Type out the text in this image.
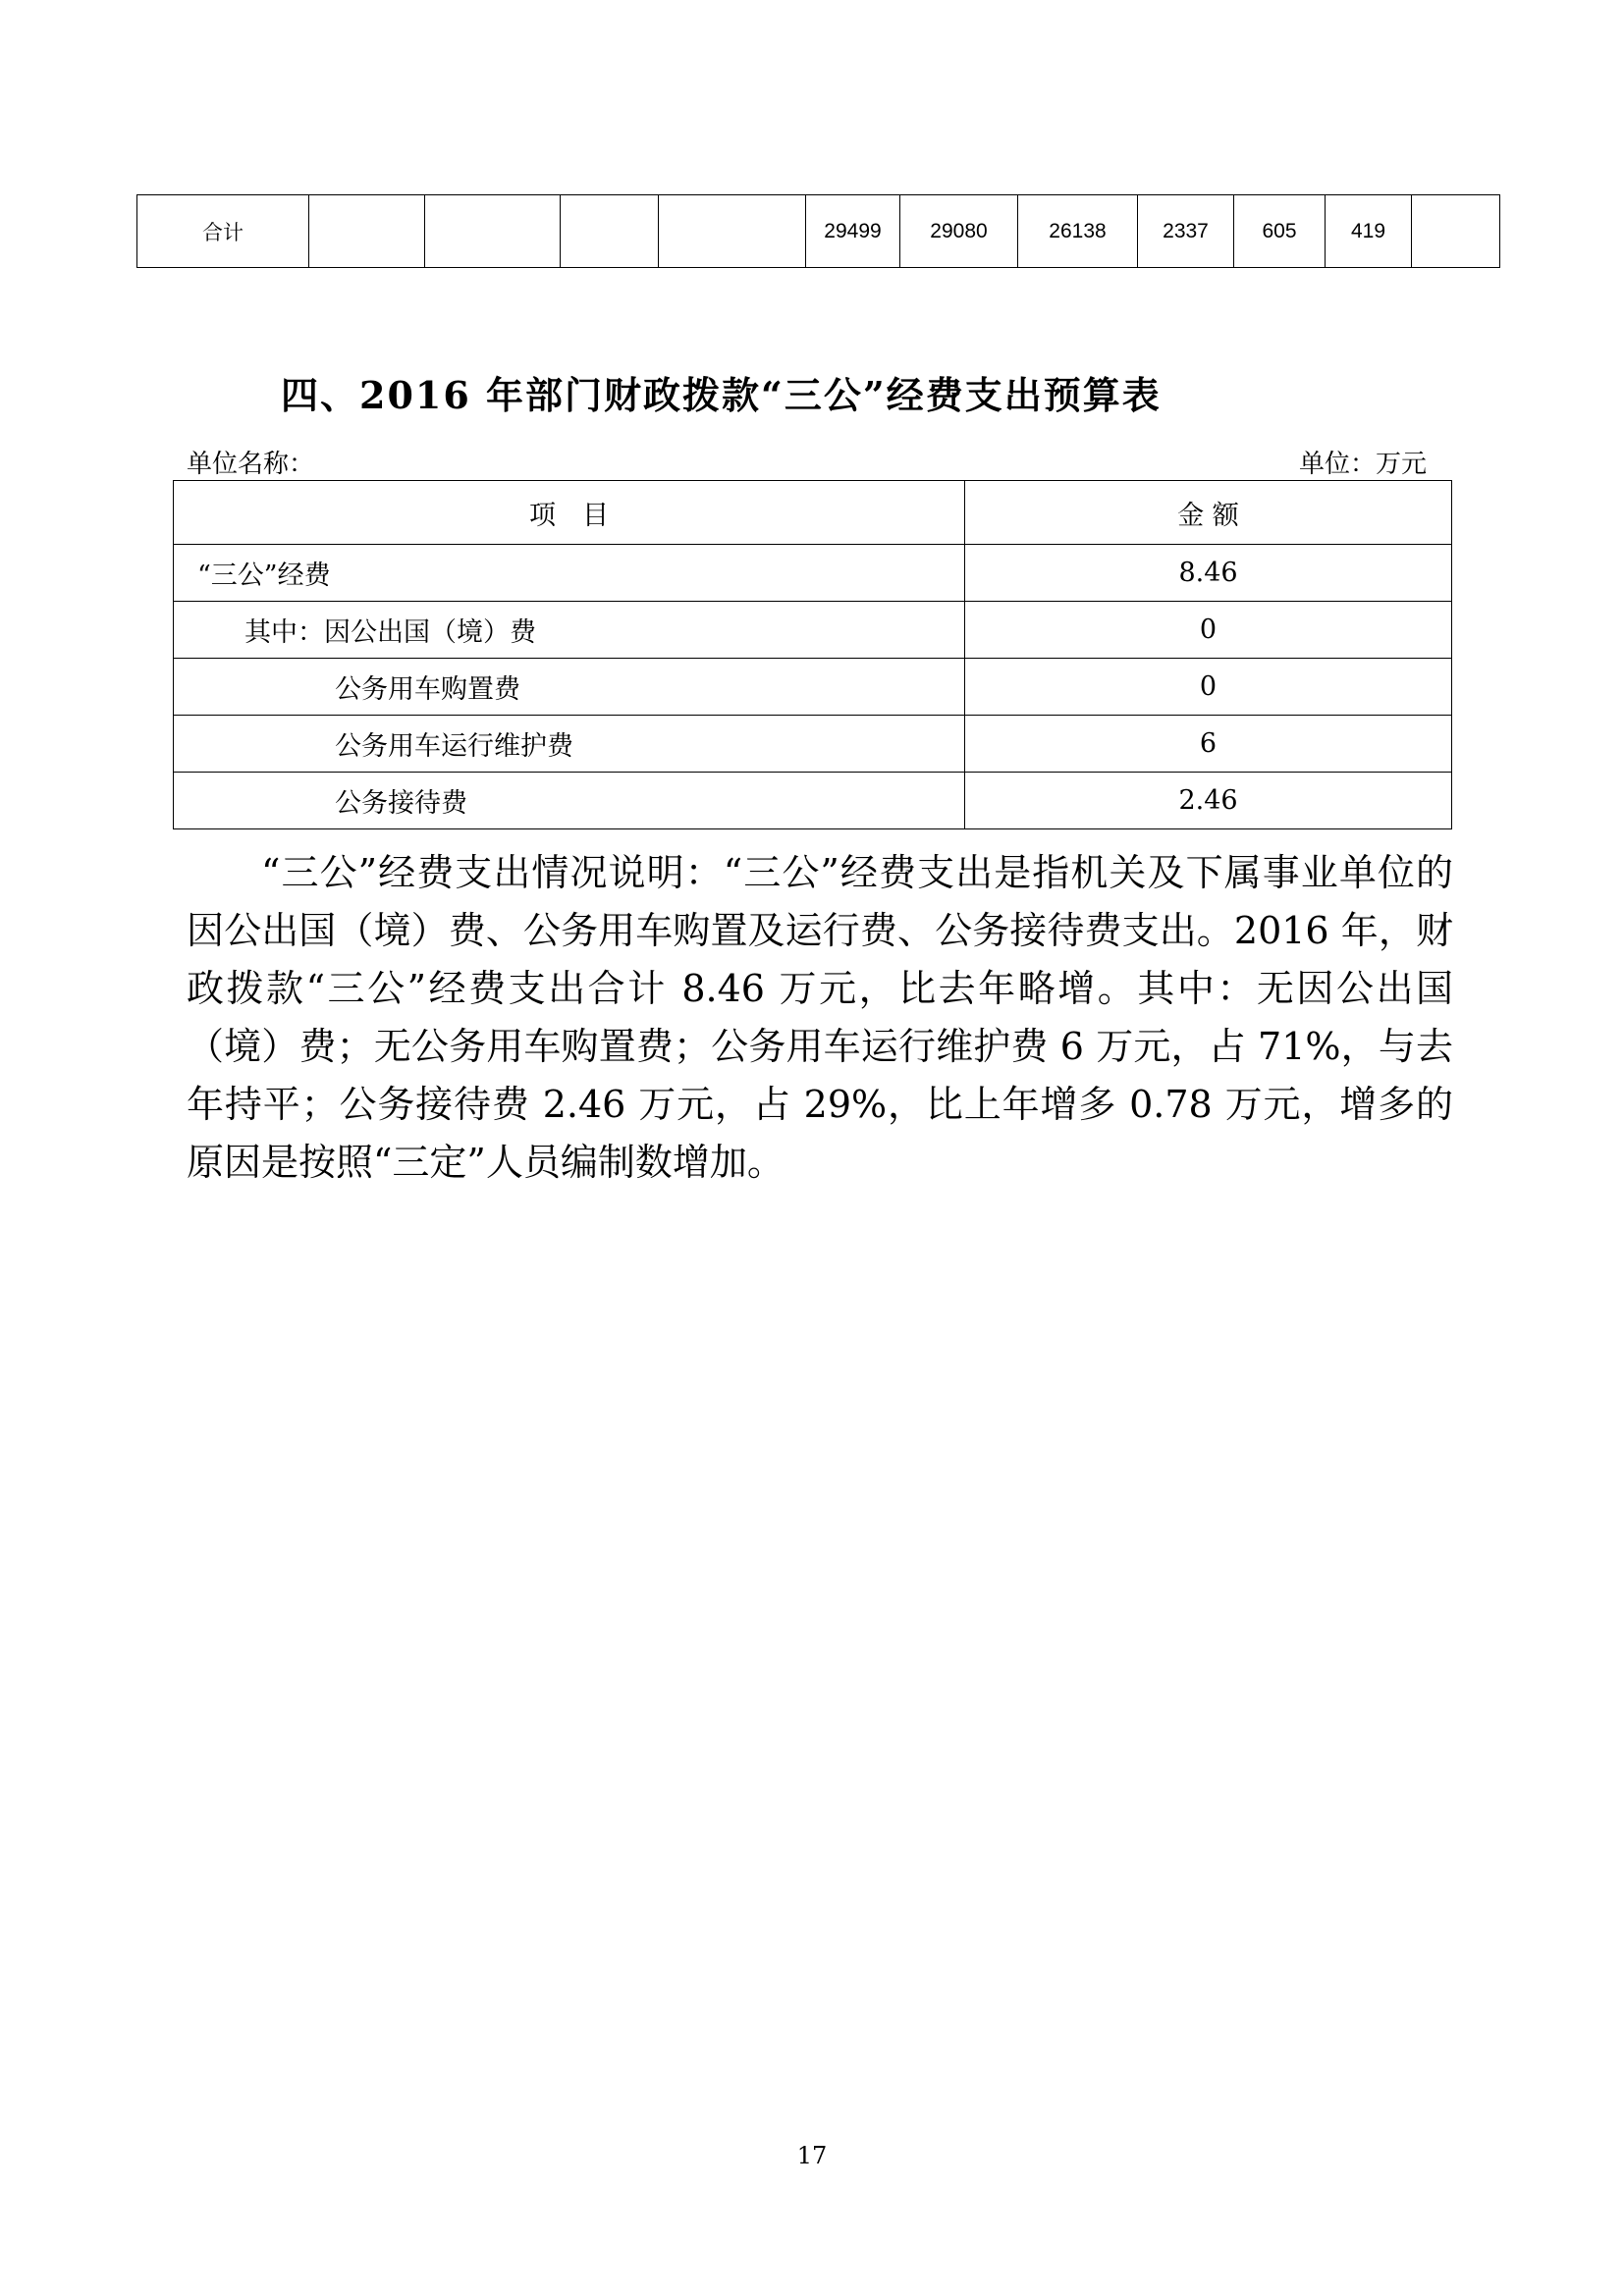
合计					29499	29080	26138	2337	605	419	
四、2016 年部门财政拨款“三公”经费支出预算表
单位名称：	单位：万元
项　目	金 额
“三公”经费	8.46
其中：因公出国（境）费	0
公务用车购置费	0
公务用车运行维护费	6
公务接待费	2.46

“三公”经费支出情况说明：“三公”经费支出是指机关及下属事业单位的因公出国（境）费、公务用车购置及运行费、公务接待费支出。2016 年，财政拨款“三公”经费支出合计 8.46 万元，比去年略增。其中：无因公出国（境）费；无公务用车购置费；公务用车运行维护费 6 万元，占 71%，与去年持平；公务接待费 2.46 万元，占 29%，比上年增多 0.78 万元，增多的原因是按照“三定”人员编制数增加。

17
